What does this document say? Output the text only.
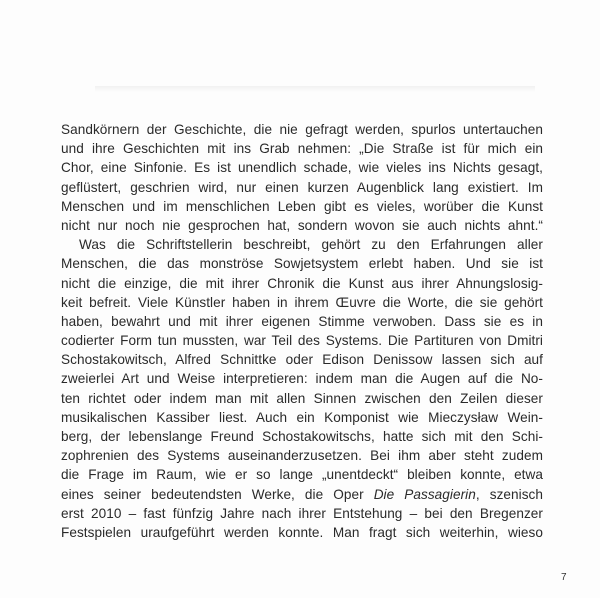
Sandkörnern der Geschichte, die nie gefragt werden, spurlos untertauchen
und ihre Geschichten mit ins Grab nehmen: „Die Straße ist für mich ein
Chor, eine Sinfonie. Es ist unendlich schade, wie vieles ins Nichts gesagt,
geflüstert, geschrien wird, nur einen kurzen Augenblick lang existiert. Im
Menschen und im menschlichen Leben gibt es vieles, worüber die Kunst
nicht nur noch nie gesprochen hat, sondern wovon sie auch nichts ahnt.“
Was die Schriftstellerin beschreibt, gehört zu den Erfahrungen aller
Menschen, die das monströse Sowjetsystem erlebt haben. Und sie ist
nicht die einzige, die mit ihrer Chronik die Kunst aus ihrer Ahnungslosig-
keit befreit. Viele Künstler haben in ihrem Œuvre die Worte, die sie gehört
haben, bewahrt und mit ihrer eigenen Stimme verwoben. Dass sie es in
codierter Form tun mussten, war Teil des Systems. Die Partituren von Dmitri
Schostakowitsch, Alfred Schnittke oder Edison Denissow lassen sich auf
zweierlei Art und Weise interpretieren: indem man die Augen auf die No-
ten richtet oder indem man mit allen Sinnen zwischen den Zeilen dieser
musikalischen Kassiber liest. Auch ein Komponist wie Mieczysław Wein-
berg, der lebenslange Freund Schostakowitschs, hatte sich mit den Schi-
zophrenien des Systems auseinanderzusetzen. Bei ihm aber steht zudem
die Frage im Raum, wie er so lange „unentdeckt“ bleiben konnte, etwa
eines seiner bedeutendsten Werke, die Oper Die Passagierin, szenisch
erst 2010 – fast fünfzig Jahre nach ihrer Entstehung – bei den Bregenzer
Festspielen uraufgeführt werden konnte. Man fragt sich weiterhin, wieso
7
